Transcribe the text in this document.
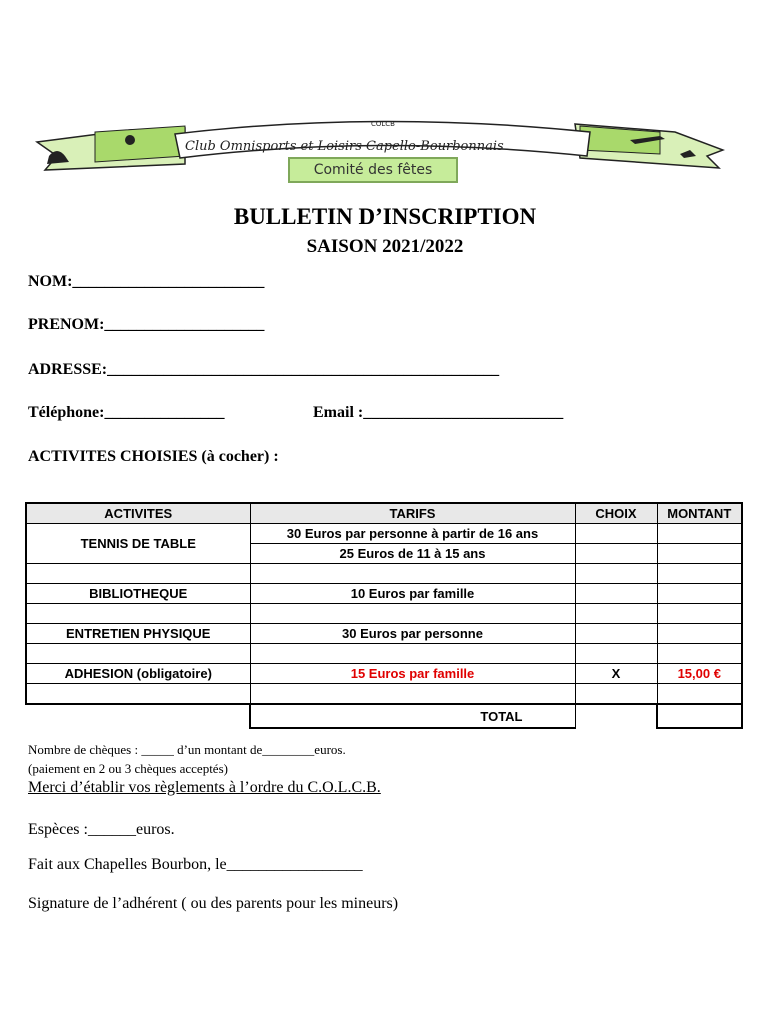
Club Omnisports et Loisirs Capello-Bourbonnais
COLCB
Comité des fêtes
BULLETIN D’INSCRIPTION
SAISON 2021/2022
NOM:________________________
PRENOM:____________________
ADRESSE:_________________________________________________
Téléphone:_______________	Email :_________________________
ACTIVITES CHOISIES (à cocher) :
ACTIVITES	TARIFS	CHOIX	MONTANT
TENNIS DE TABLE	30 Euros par personne à partir de 16 ans		
	25 Euros de 11 à 15 ans		

BIBLIOTHEQUE	10 Euros par famille		

ENTRETIEN PHYSIQUE	30 Euros par personne		

ADHESION (obligatoire)	15 Euros par famille	X	15,00 €

	TOTAL		
Nombre de chèques : _____ d’un montant de________euros.
(paiement en 2 ou 3 chèques acceptés)
Merci d’établir vos règlements à l’ordre du C.O.L.C.B.
Espèces :______euros.
Fait aux Chapelles Bourbon, le_________________
Signature de l’adhérent ( ou des parents pour les mineurs)
